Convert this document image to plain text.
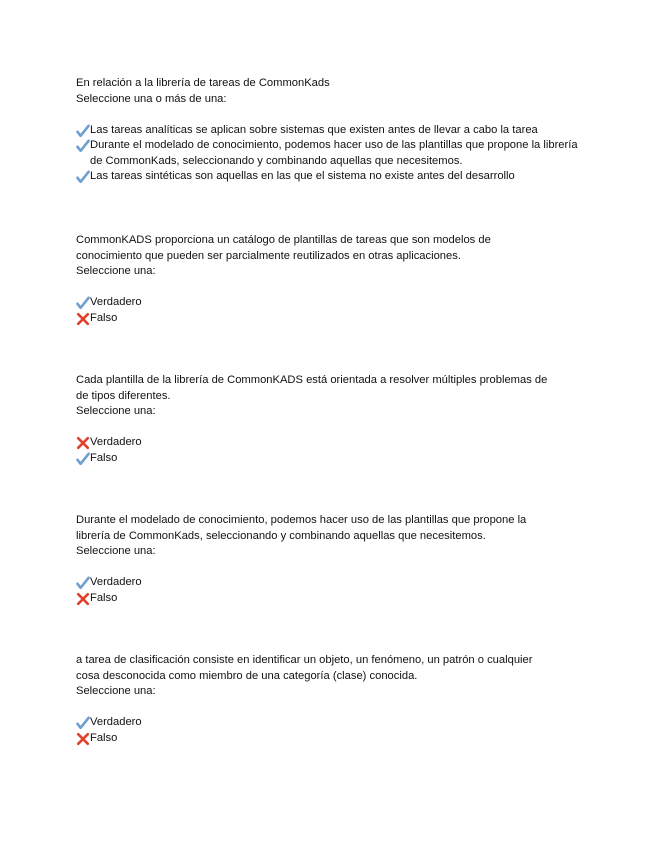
En relación a la librería de tareas de CommonKads
Seleccione una o más de una:
Las tareas analíticas se aplican sobre sistemas que existen antes de llevar a cabo la tarea
Durante el modelado de conocimiento, podemos hacer uso de las plantillas que propone la librería de CommonKads, seleccionando y combinando aquellas que necesitemos.
Las tareas sintéticas son aquellas en las que el sistema no existe antes del desarrollo
CommonKADS proporciona un catálogo de plantillas de tareas que son modelos de
conocimiento que pueden ser parcialmente reutilizados en otras aplicaciones.
Seleccione una:
Verdadero
Falso
Cada plantilla de la librería de CommonKADS está orientada a resolver múltiples problemas de
de tipos diferentes.
Seleccione una:
Verdadero
Falso
Durante el modelado de conocimiento, podemos hacer uso de las plantillas que propone la
librería de CommonKads, seleccionando y combinando aquellas que necesitemos.
Seleccione una:
Verdadero
Falso
a tarea de clasificación consiste en identificar un objeto, un fenómeno, un patrón o cualquier
cosa desconocida como miembro de una categoría (clase) conocida.
Seleccione una:
Verdadero
Falso
